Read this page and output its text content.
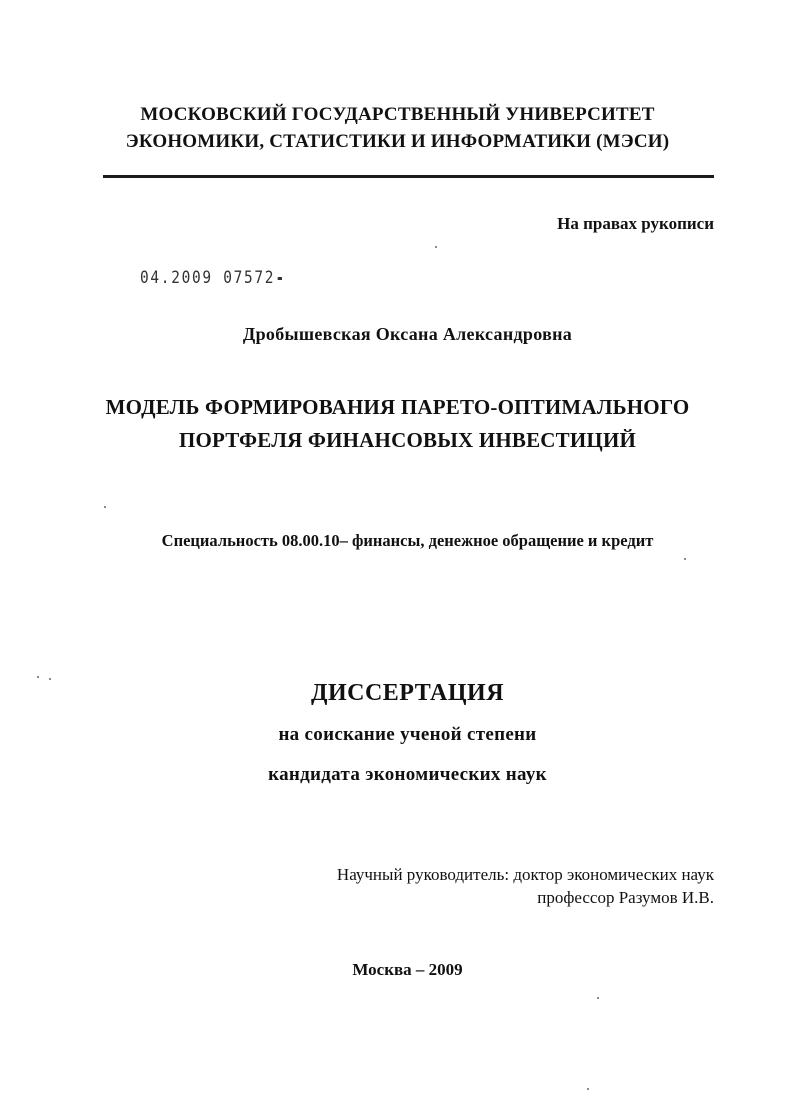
МОСКОВСКИЙ ГОСУДАРСТВЕННЫЙ УНИВЕРСИТЕТ
ЭКОНОМИКИ, СТАТИСТИКИ И ИНФОРМАТИКИ (МЭСИ)
На правах рукописи
04.2009 07572
Дробышевская Оксана Александровна
МОДЕЛЬ ФОРМИРОВАНИЯ ПАРЕТО-ОПТИМАЛЬНОГО
ПОРТФЕЛЯ ФИНАНСОВЫХ ИНВЕСТИЦИЙ
Специальность 08.00.10– финансы, денежное обращение и кредит
ДИССЕРТАЦИЯ
на соискание ученой степени
кандидата экономических наук
Научный руководитель: доктор экономических наук
профессор Разумов И.В.
Москва – 2009
